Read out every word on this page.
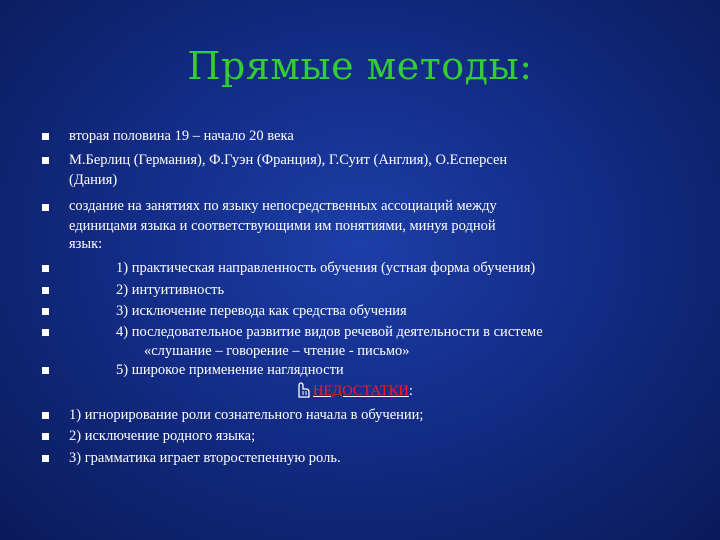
Прямые методы:
вторая половина 19 – начало 20 века
М.Берлиц (Германия), Ф.Гуэн (Франция), Г.Суит (Англия), О.Есперсен
(Дания)
создание на занятиях по языку непосредственных ассоциаций между
единицами языка и соответствующими им понятиями, минуя родной
язык:
1) практическая направленность обучения (устная форма обучения)
2) интуитивность
3) исключение перевода как средства обучения
4) последовательное развитие видов речевой деятельности в системе
«слушание – говорение – чтение - письмо»
5) широкое применение наглядности
НЕДОСТАТКИ:
1) игнорирование роли сознательного начала в обучении;
2) исключение родного языка;
3) грамматика играет второстепенную роль.
